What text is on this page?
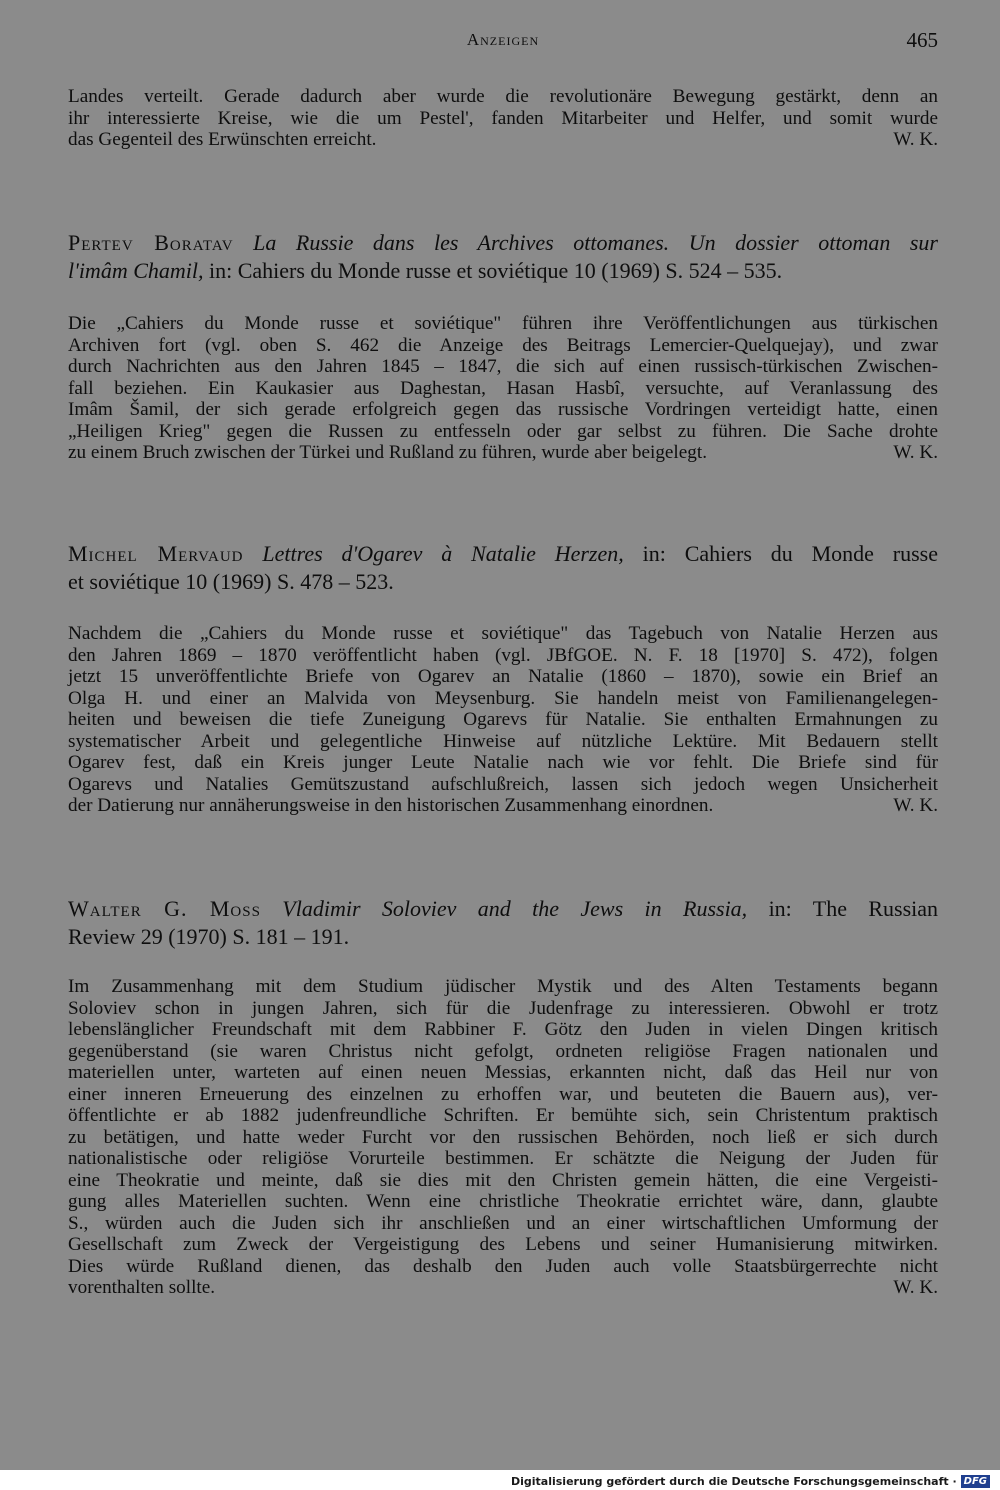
Anzeigen	465
Landes verteilt. Gerade dadurch aber wurde die revolutionäre Bewegung gestärkt, denn an
ihr interessierte Kreise, wie die um Pestel', fanden Mitarbeiter und Helfer, und somit wurde
das Gegenteil des Erwünschten erreicht.	W. K.
Pertev Boratav La Russie dans les Archives ottomanes. Un dossier ottoman sur
l'imâm Chamil, in: Cahiers du Monde russe et soviétique 10 (1969) S. 524 – 535.
Die „Cahiers du Monde russe et soviétique" führen ihre Veröffentlichungen aus türkischen
Archiven fort (vgl. oben S. 462 die Anzeige des Beitrags Lemercier-Quelquejay), und zwar
durch Nachrichten aus den Jahren 1845 – 1847, die sich auf einen russisch-türkischen Zwischen-
fall beziehen. Ein Kaukasier aus Daghestan, Hasan Hasbî, versuchte, auf Veranlassung des
Imâm Šamil, der sich gerade erfolgreich gegen das russische Vordringen verteidigt hatte, einen
„Heiligen Krieg" gegen die Russen zu entfesseln oder gar selbst zu führen. Die Sache drohte
zu einem Bruch zwischen der Türkei und Rußland zu führen, wurde aber beigelegt.	W. K.
Michel Mervaud Lettres d'Ogarev à Natalie Herzen, in: Cahiers du Monde russe
et soviétique 10 (1969) S. 478 – 523.
Nachdem die „Cahiers du Monde russe et soviétique" das Tagebuch von Natalie Herzen aus
den Jahren 1869 – 1870 veröffentlicht haben (vgl. JBfGOE. N. F. 18 [1970] S. 472), folgen
jetzt 15 unveröffentlichte Briefe von Ogarev an Natalie (1860 – 1870), sowie ein Brief an
Olga H. und einer an Malvida von Meysenburg. Sie handeln meist von Familienangelegen-
heiten und beweisen die tiefe Zuneigung Ogarevs für Natalie. Sie enthalten Ermahnungen zu
systematischer Arbeit und gelegentliche Hinweise auf nützliche Lektüre. Mit Bedauern stellt
Ogarev fest, daß ein Kreis junger Leute Natalie nach wie vor fehlt. Die Briefe sind für
Ogarevs und Natalies Gemütszustand aufschlußreich, lassen sich jedoch wegen Unsicherheit
der Datierung nur annäherungsweise in den historischen Zusammenhang einordnen.	W. K.
Walter G. Moss Vladimir Soloviev and the Jews in Russia, in: The Russian
Review 29 (1970) S. 181 – 191.
Im Zusammenhang mit dem Studium jüdischer Mystik und des Alten Testaments begann
Soloviev schon in jungen Jahren, sich für die Judenfrage zu interessieren. Obwohl er trotz
lebenslänglicher Freundschaft mit dem Rabbiner F. Götz den Juden in vielen Dingen kritisch
gegenüberstand (sie waren Christus nicht gefolgt, ordneten religiöse Fragen nationalen und
materiellen unter, warteten auf einen neuen Messias, erkannten nicht, daß das Heil nur von
einer inneren Erneuerung des einzelnen zu erhoffen war, und beuteten die Bauern aus), ver-
öffentlichte er ab 1882 judenfreundliche Schriften. Er bemühte sich, sein Christentum praktisch
zu betätigen, und hatte weder Furcht vor den russischen Behörden, noch ließ er sich durch
nationalistische oder religiöse Vorurteile bestimmen. Er schätzte die Neigung der Juden für
eine Theokratie und meinte, daß sie dies mit den Christen gemein hätten, die eine Vergeisti-
gung alles Materiellen suchten. Wenn eine christliche Theokratie errichtet wäre, dann, glaubte
S., würden auch die Juden sich ihr anschließen und an einer wirtschaftlichen Umformung der
Gesellschaft zum Zweck der Vergeistigung des Lebens und seiner Humanisierung mitwirken.
Dies würde Rußland dienen, das deshalb den Juden auch volle Staatsbürgerrechte nicht
vorenthalten sollte.	W. K.
Digitalisierung gefördert durch die Deutsche Forschungsgemeinschaft · DFG
